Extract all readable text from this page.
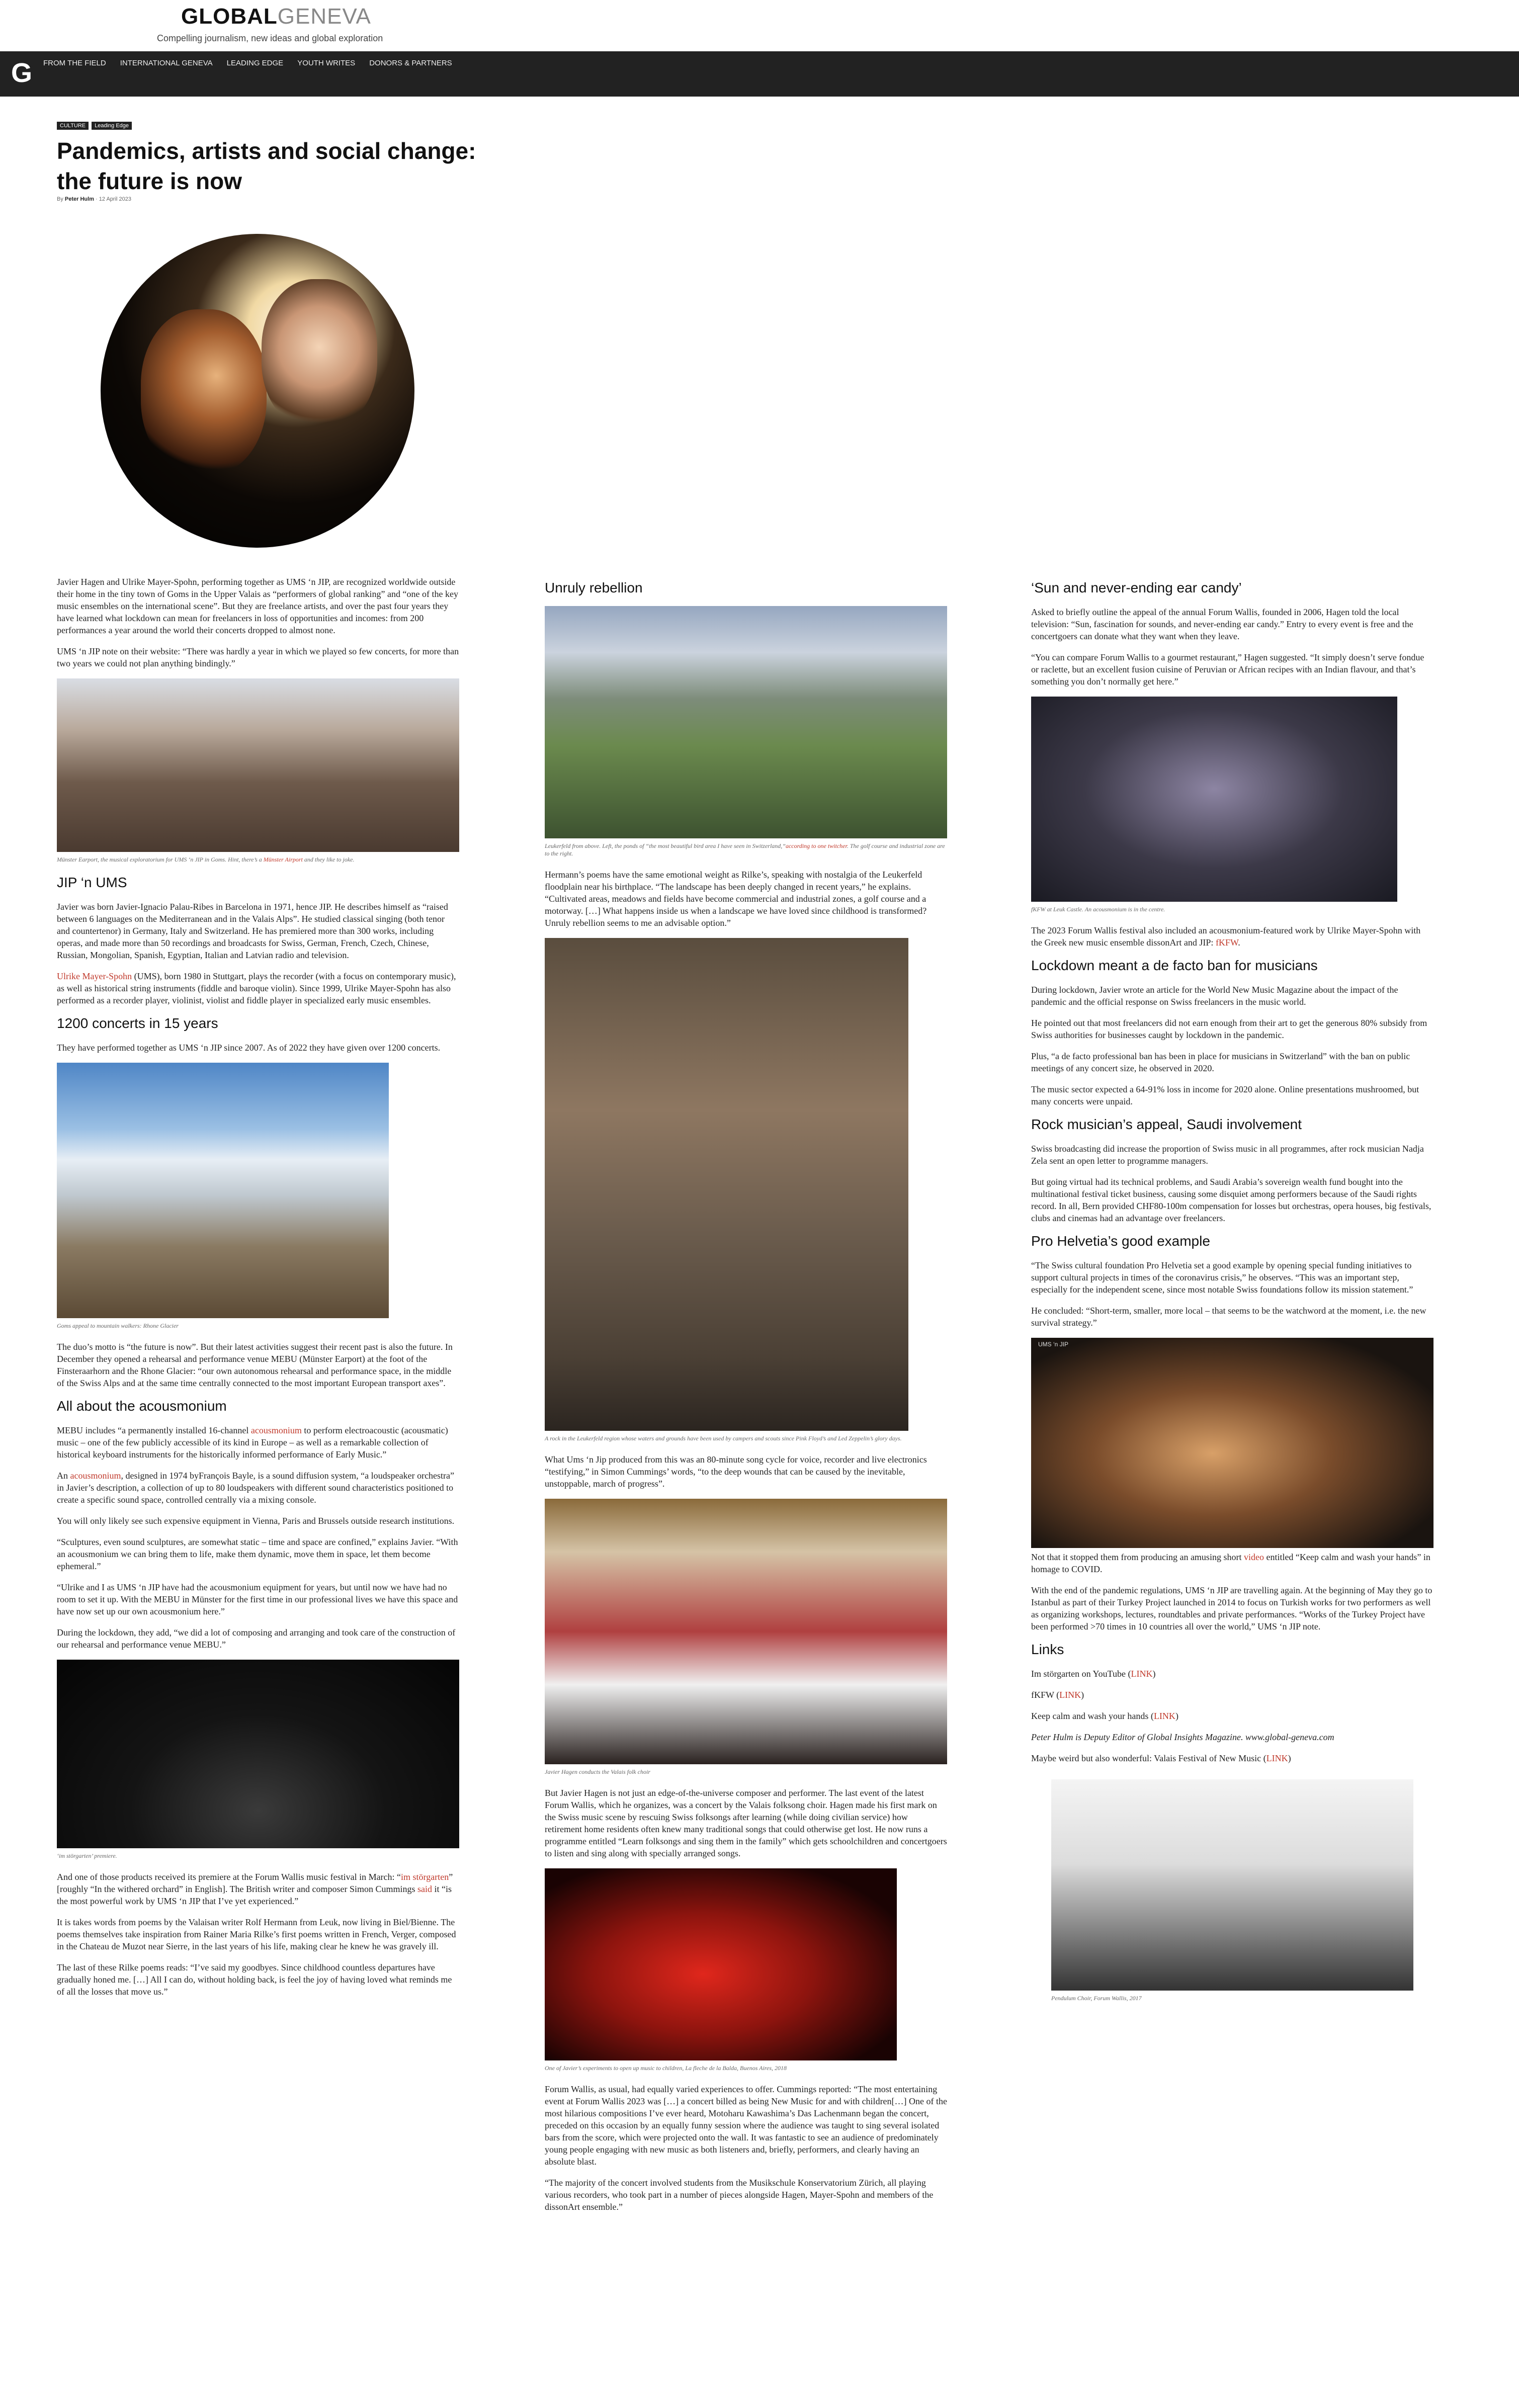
GLOBALGENEVA
Compelling journalism, new ideas and global exploration
G FROM THE FIELD INTERNATIONAL GENEVA LEADING EDGE YOUTH WRITES DONORS & PARTNERS
CULTURE	Leading Edge
Pandemics, artists and social change: the future is now
By Peter Hulm · 12 April 2023

Javier Hagen and Ulrike Mayer-Spohn, performing together as UMS ‘n JIP, are recognized worldwide outside their home in the tiny town of Goms in the Upper Valais as “performers of global ranking” and “one of the key music ensembles on the international scene”. But they are freelance artists, and over the past four years they have learned what lockdown can mean for freelancers in loss of opportunities and incomes: from 200 performances a year around the world their concerts dropped to almost none.

UMS ‘n JIP note on their website: “There was hardly a year in which we played so few concerts, for more than two years we could not plan anything bindingly.”

Münster Earport, the musical exploratorium for UMS ‘n JIP in Goms. Hint, there’s a Münster Airport and they like to joke.
JIP ‘n UMS

Javier was born Javier-Ignacio Palau-Ribes in Barcelona in 1971, hence JIP. He describes himself as “raised between 6 languages on the Mediterranean and in the Valais Alps”. He studied classical singing (both tenor and countertenor) in Germany, Italy and Switzerland. He has premiered more than 300 works, including operas, and made more than 50 recordings and broadcasts for Swiss, German, French, Czech, Chinese, Russian, Mongolian, Spanish, Egyptian, Italian and Latvian radio and television.

Ulrike Mayer-Spohn (UMS), born 1980 in Stuttgart, plays the recorder (with a focus on contemporary music), as well as historical string instruments (fiddle and baroque violin). Since 1999, Ulrike Mayer-Spohn has also performed as a recorder player, violinist, violist and fiddle player in specialized early music ensembles.

1200 concerts in 15 years

They have performed together as UMS ‘n JIP since 2007. As of 2022 they have given over 1200 concerts.

Goms appeal to mountain walkers: Rhone Glacier

The duo’s motto is “the future is now”. But their latest activities suggest their recent past is also the future. In December they opened a rehearsal and performance venue MEBU (Münster Earport) at the foot of the Finsteraarhorn and the Rhone Glacier: “our own autonomous rehearsal and performance space, in the middle of the Swiss Alps and at the same time centrally connected to the most important European transport axes”.

All about the acousmonium

MEBU includes “a permanently installed 16-channel acousmonium to perform electroacoustic (acousmatic) music – one of the few publicly accessible of its kind in Europe – as well as a remarkable collection of historical keyboard instruments for the historically informed performance of Early Music.”

An acousmonium, designed in 1974 byFrançois Bayle, is a sound diffusion system, “a loudspeaker orchestra” in Javier’s description, a collection of up to 80 loudspeakers with different sound characteristics positioned to create a specific sound space, controlled centrally via a mixing console.

You will only likely see such expensive equipment in Vienna, Paris and Brussels outside research institutions.

“Sculptures, even sound sculptures, are somewhat static – time and space are confined,” explains Javier. “With an acousmonium we can bring them to life, make them dynamic, move them in space, let them become ephemeral.”

“Ulrike and I as UMS ‘n JIP have had the acousmonium equipment for years, but until now we have had no room to set it up. With the MEBU in Münster for the first time in our professional lives we have this space and have now set up our own acousmonium here.”

During the lockdown, they add, “we did a lot of composing and arranging and took care of the construction of our rehearsal and performance venue MEBU.”

‘im störgarten’ premiere.

And one of those products received its premiere at the Forum Wallis music festival in March: “im störgarten” [roughly “In the withered orchard” in English]. The British writer and composer Simon Cummings said it “is the most powerful work by UMS ‘n JIP that I’ve yet experienced.”

It is takes words from poems by the Valaisan writer Rolf Hermann from Leuk, now living in Biel/Bienne. The poems themselves take inspiration from Rainer Maria Rilke’s first poems written in French, Verger, composed in the Chateau de Muzot near Sierre, in the last years of his life, making clear he knew he was gravely ill.

The last of these Rilke poems reads: “I’ve said my goodbyes. Since childhood countless departures have gradually honed me. […] All I can do, without holding back, is feel the joy of having loved what reminds me of all the losses that move us.”

Unruly rebellion
Leukerfeld from above. Left, the ponds of “the most beautiful bird area I have seen in Switzerland,”according to one twitcher. The golf course and industrial zone are to the right.

Hermann’s poems have the same emotional weight as Rilke’s, speaking with nostalgia of the Leukerfeld floodplain near his birthplace. “The landscape has been deeply changed in recent years,” he explains. “Cultivated areas, meadows and fields have become commercial and industrial zones, a golf course and a motorway. […] What happens inside us when a landscape we have loved since childhood is transformed? Unruly rebellion seems to me an advisable option.”

A rock in the Leukerfeld region whose waters and grounds have been used by campers and scouts since Pink Floyd’s and Led Zeppelin’s glory days.

What Ums ‘n Jip produced from this was an 80-minute song cycle for voice, recorder and live electronics “testifying,” in Simon Cummings’ words, “to the deep wounds that can be caused by the inevitable, unstoppable, march of progress”.

Javier Hagen conducts the Valais folk choir

But Javier Hagen is not just an edge-of-the-universe composer and performer. The last event of the latest Forum Wallis, which he organizes, was a concert by the Valais folksong choir. Hagen made his first mark on the Swiss music scene by rescuing Swiss folksongs after learning (while doing civilian service) how retirement home residents often knew many traditional songs that could otherwise get lost. He now runs a programme entitled “Learn folksongs and sing them in the family” which gets schoolchildren and concertgoers to listen and sing along with specially arranged songs.

One of Javier’s experiments to open up music to children, La fleche de la Balda, Buenos Aires, 2018

Forum Wallis, as usual, had equally varied experiences to offer. Cummings reported: “The most entertaining event at Forum Wallis 2023 was […] a concert billed as being New Music for and with children[…] One of the most hilarious compositions I’ve ever heard, Motoharu Kawashima’s Das Lachenmann began the concert, preceded on this occasion by an equally funny session where the audience was taught to sing several isolated bars from the score, which were projected onto the wall. It was fantastic to see an audience of predominately young people engaging with new music as both listeners and, briefly, performers, and clearly having an absolute blast.

“The majority of the concert involved students from the Musikschule Konservatorium Zürich, all playing various recorders, who took part in a number of pieces alongside Hagen, Mayer-Spohn and members of the dissonArt ensemble.”

‘Sun and never-ending ear candy’

Asked to briefly outline the appeal of the annual Forum Wallis, founded in 2006, Hagen told the local television: “Sun, fascination for sounds, and never-ending ear candy.” Entry to every event is free and the concertgoers can donate what they want when they leave.

“You can compare Forum Wallis to a gourmet restaurant,” Hagen suggested. “It simply doesn’t serve fondue or raclette, but an excellent fusion cuisine of Peruvian or African recipes with an Indian flavour, and that’s something you don’t normally get here.”

fKFW at Leuk Castle. An acousmonium is in the centre.

The 2023 Forum Wallis festival also included an acousmonium-featured work by Ulrike Mayer-Spohn with the Greek new music ensemble dissonArt and JIP: fKFW.

Lockdown meant a de facto ban for musicians

During lockdown, Javier wrote an article for the World New Music Magazine about the impact of the pandemic and the official response on Swiss freelancers in the music world.

He pointed out that most freelancers did not earn enough from their art to get the generous 80% subsidy from Swiss authorities for businesses caught by lockdown in the pandemic.

Plus, “a de facto professional ban has been in place for musicians in Switzerland” with the ban on public meetings of any concert size, he observed in 2020.

The music sector expected a 64-91% loss in income for 2020 alone. Online presentations mushroomed, but many concerts were unpaid.

Rock musician’s appeal, Saudi involvement

Swiss broadcasting did increase the proportion of Swiss music in all programmes, after rock musician Nadja Zela sent an open letter to programme managers.

But going virtual had its technical problems, and Saudi Arabia’s sovereign wealth fund bought into the multinational festival ticket business, causing some disquiet among performers because of the Saudi rights record. In all, Bern provided CHF80-100m compensation for losses but orchestras, opera houses, big festivals, clubs and cinemas had an advantage over freelancers.

Pro Helvetia’s good example

“The Swiss cultural foundation Pro Helvetia set a good example by opening special funding initiatives to support cultural projects in times of the coronavirus crisis,” he observes. “This was an important step, especially for the independent scene, since most notable Swiss foundations follow its mission statement.”

He concluded: “Short-term, smaller, more local – that seems to be the watchword at the moment, i.e. the new survival strategy.”

UMS ‘n JIP

Not that it stopped them from producing an amusing short video entitled “Keep calm and wash your hands” in homage to COVID.

With the end of the pandemic regulations, UMS ‘n JIP are travelling again. At the beginning of May they go to Istanbul as part of their Turkey Project launched in 2014 to focus on Turkish works for two performers as well as organizing workshops, lectures, roundtables and private performances. “Works of the Turkey Project have been performed >70 times in 10 countries all over the world,” UMS ‘n JIP note.

Links

Im störgarten on YouTube (LINK)

fKFW (LINK)

Keep calm and wash your hands (LINK)

Peter Hulm is Deputy Editor of Global Insights Magazine. www.global-geneva.com

Maybe weird but also wonderful: Valais Festival of New Music (LINK)

Pendulum Choir, Forum Wallis, 2017
